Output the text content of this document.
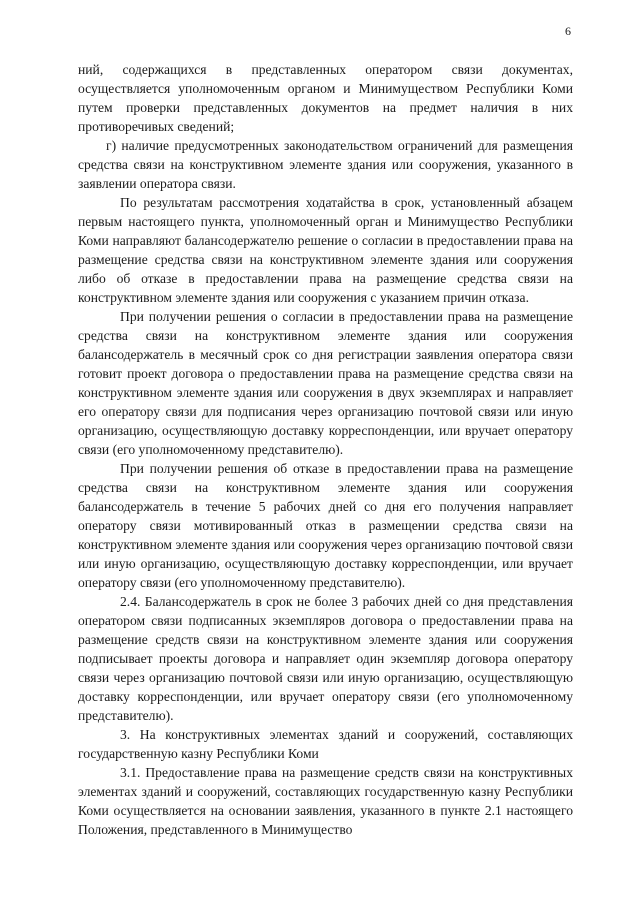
6

ний, содержащихся в представленных оператором связи документах, осуществляется уполномоченным органом и Минимуществом Республики Коми путем проверки представленных документов на предмет наличия в них противоречивых сведений;

г) наличие предусмотренных законодательством ограничений для размещения средства связи на конструктивном элементе здания или сооружения, указанного в заявлении оператора связи.

По результатам рассмотрения ходатайства в срок, установленный абзацем первым настоящего пункта, уполномоченный орган и Минимущество Республики Коми направляют балансодержателю решение о согласии в предоставлении права на размещение средства связи на конструктивном элементе здания или сооружения либо об отказе в предоставлении права на размещение средства связи на конструктивном элементе здания или сооружения с указанием причин отказа.

При получении решения о согласии в предоставлении права на размещение средства связи на конструктивном элементе здания или сооружения балансодержатель в месячный срок со дня регистрации заявления оператора связи готовит проект договора о предоставлении права на размещение средства связи на конструктивном элементе здания или сооружения в двух экземплярах и направляет его оператору связи для подписания через организацию почтовой связи или иную организацию, осуществляющую доставку корреспонденции, или вручает оператору связи (его уполномоченному представителю).

При получении решения об отказе в предоставлении права на размещение средства связи на конструктивном элементе здания или сооружения балансодержатель в течение 5 рабочих дней со дня его получения направляет оператору связи мотивированный отказ в размещении средства связи на конструктивном элементе здания или сооружения через организацию почтовой связи или иную организацию, осуществляющую доставку корреспонденции, или вручает оператору связи (его уполномоченному представителю).

2.4. Балансодержатель в срок не более 3 рабочих дней со дня представления оператором связи подписанных экземпляров договора о предоставлении права на размещение средств связи на конструктивном элементе здания или сооружения подписывает проекты договора и направляет один экземпляр договора оператору связи через организацию почтовой связи или иную организацию, осуществляющую доставку корреспонденции, или вручает оператору связи (его уполномоченному представителю).

3. На конструктивных элементах зданий и сооружений, составляющих государственную казну Республики Коми

3.1. Предоставление права на размещение средств связи на конструктивных элементах зданий и сооружений, составляющих государственную казну Республики Коми осуществляется на основании заявления, указанного в пункте 2.1 настоящего Положения, представленного в Минимущество
